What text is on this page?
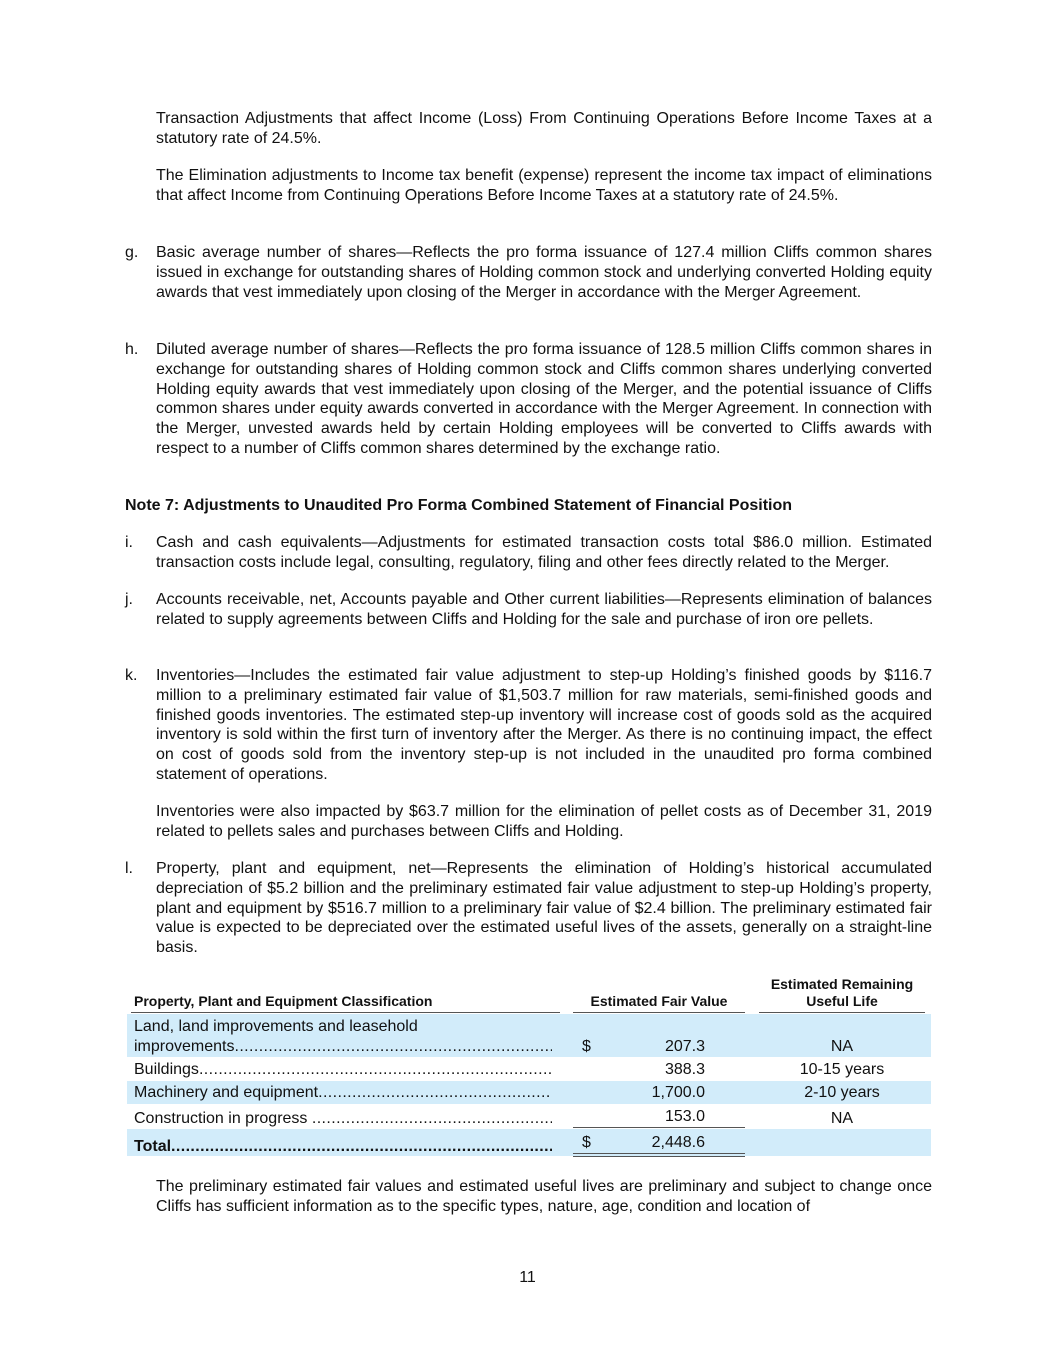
Transaction Adjustments that affect Income (Loss) From Continuing Operations Before Income Taxes at a statutory rate of 24.5%.

The Elimination adjustments to Income tax benefit (expense) represent the income tax impact of eliminations that affect Income from Continuing Operations Before Income Taxes at a statutory rate of 24.5%.

g. Basic average number of shares—Reflects the pro forma issuance of 127.4 million Cliffs common shares issued in exchange for outstanding shares of Holding common stock and underlying converted Holding equity awards that vest immediately upon closing of the Merger in accordance with the Merger Agreement.
h. Diluted average number of shares—Reflects the pro forma issuance of 128.5 million Cliffs common shares in exchange for outstanding shares of Holding common stock and Cliffs common shares underlying converted Holding equity awards that vest immediately upon closing of the Merger, and the potential issuance of Cliffs common shares under equity awards converted in accordance with the Merger Agreement. In connection with the Merger, unvested awards held by certain Holding employees will be converted to Cliffs awards with respect to a number of Cliffs common shares determined by the exchange ratio.

Note 7: Adjustments to Unaudited Pro Forma Combined Statement of Financial Position

i. Cash and cash equivalents—Adjustments for estimated transaction costs total $86.0 million. Estimated transaction costs include legal, consulting, regulatory, filing and other fees directly related to the Merger.
j. Accounts receivable, net, Accounts payable and Other current liabilities—Represents elimination of balances related to supply agreements between Cliffs and Holding for the sale and purchase of iron ore pellets.
k. Inventories—Includes the estimated fair value adjustment to step-up Holding’s finished goods by $116.7 million to a preliminary estimated fair value of $1,503.7 million for raw materials, semi-finished goods and finished goods inventories. The estimated step-up inventory will increase cost of goods sold as the acquired inventory is sold within the first turn of inventory after the Merger. As there is no continuing impact, the effect on cost of goods sold from the inventory step-up is not included in the unaudited pro forma combined statement of operations.

Inventories were also impacted by $63.7 million for the elimination of pellet costs as of December 31, 2019 related to pellets sales and purchases between Cliffs and Holding.

l. Property, plant and equipment, net—Represents the elimination of Holding’s historical accumulated depreciation of $5.2 billion and the preliminary estimated fair value adjustment to step-up Holding’s property, plant and equipment by $516.7 million to a preliminary fair value of $2.4 billion. The preliminary estimated fair value is expected to be depreciated over the estimated useful lives of the assets, generally on a straight-line basis.
Property, Plant and Equipment Classification	Estimated Fair Value
Estimated Remaining
Useful Life
Land, land improvements and leasehold
improvements .....	$	207.3	NA
Buildings .....	388.3	10-15 years
Machinery and equipment .....	1,700.0	2-10 years
Construction in progress .....	153.0	NA
Total .....	$	2,448.6

The preliminary estimated fair values and estimated useful lives are preliminary and subject to change once Cliffs has sufficient information as to the specific types, nature, age, condition and location of

11
